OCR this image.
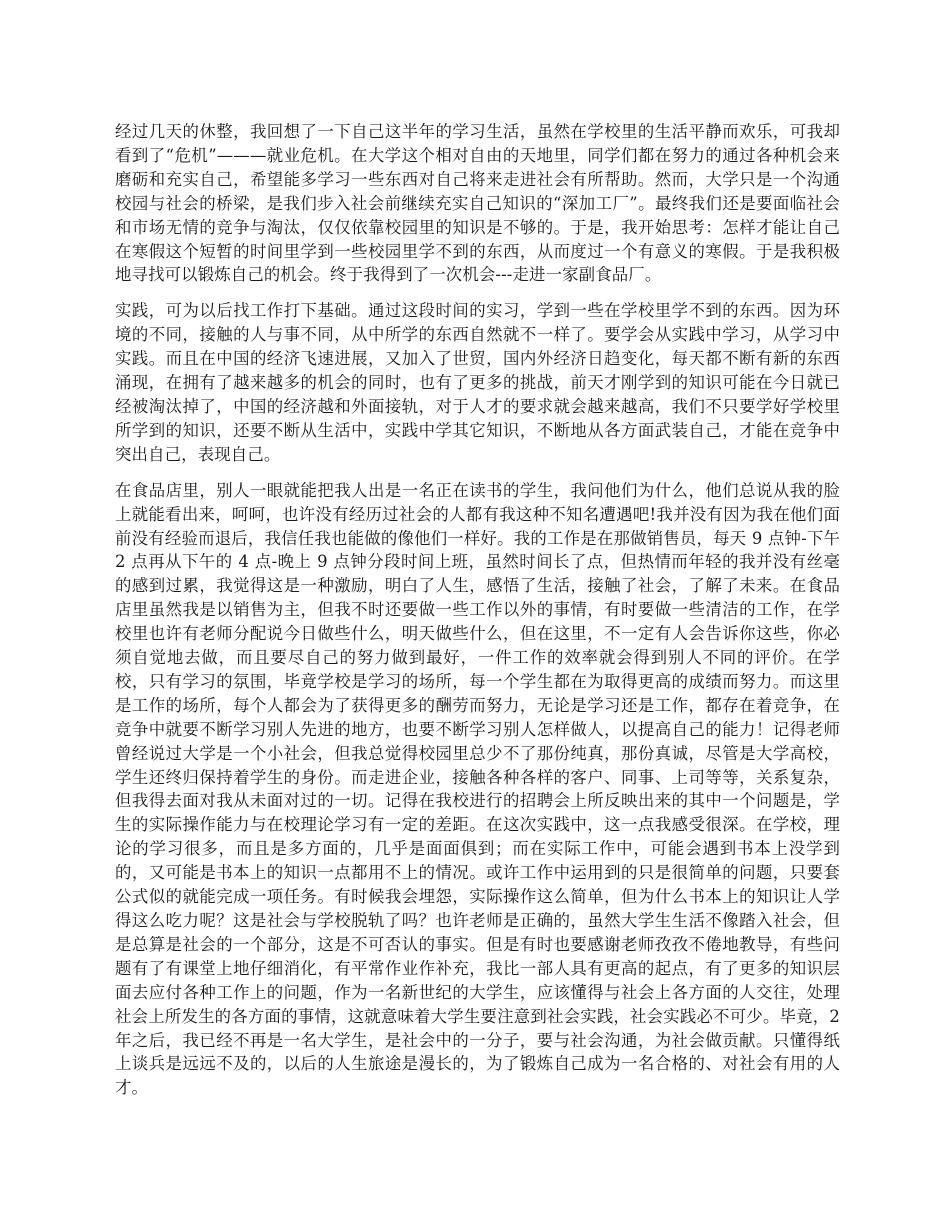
经过几天的休整，我回想了一下自己这半年的学习生活，虽然在学校里的生活平静而欢乐，可我却看到了“危机”———就业危机。在大学这个相对自由的天地里，同学们都在努力的通过各种机会来磨砺和充实自己，希望能多学习一些东西对自己将来走进社会有所帮助。然而，大学只是一个沟通校园与社会的桥梁，是我们步入社会前继续充实自己知识的“深加工厂”。最终我们还是要面临社会和市场无情的竞争与淘汰，仅仅依靠校园里的知识是不够的。于是，我开始思考：怎样才能让自己在寒假这个短暂的时间里学到一些校园里学不到的东西，从而度过一个有意义的寒假。于是我积极地寻找可以锻炼自己的机会。终于我得到了一次机会---走进一家副食品厂。

实践，可为以后找工作打下基础。通过这段时间的实习，学到一些在学校里学不到的东西。因为环境的不同，接触的人与事不同，从中所学的东西自然就不一样了。要学会从实践中学习，从学习中实践。而且在中国的经济飞速进展，又加入了世贸，国内外经济日趋变化，每天都不断有新的东西涌现，在拥有了越来越多的机会的同时，也有了更多的挑战，前天才刚学到的知识可能在今日就已经被淘汰掉了，中国的经济越和外面接轨，对于人才的要求就会越来越高，我们不只要学好学校里所学到的知识，还要不断从生活中，实践中学其它知识，不断地从各方面武装自己，才能在竞争中突出自己，表现自己。

在食品店里，别人一眼就能把我人出是一名正在读书的学生，我问他们为什么，他们总说从我的脸上就能看出来，呵呵，也许没有经历过社会的人都有我这种不知名遭遇吧!我并没有因为我在他们面前没有经验而退后，我信任我也能做的像他们一样好。我的工作是在那做销售员，每天 9 点钟-下午 2 点再从下午的 4 点-晚上 9 点钟分段时间上班，虽然时间长了点，但热情而年轻的我并没有丝毫的感到过累，我觉得这是一种激励，明白了人生，感悟了生活，接触了社会，了解了未来。在食品店里虽然我是以销售为主，但我不时还要做一些工作以外的事情，有时要做一些清洁的工作，在学校里也许有老师分配说今日做些什么，明天做些什么，但在这里，不一定有人会告诉你这些，你必须自觉地去做，而且要尽自己的努力做到最好，一件工作的效率就会得到别人不同的评价。在学校，只有学习的氛围，毕竟学校是学习的场所，每一个学生都在为取得更高的成绩而努力。而这里是工作的场所，每个人都会为了获得更多的酬劳而努力，无论是学习还是工作，都存在着竞争，在竞争中就要不断学习别人先进的地方，也要不断学习别人怎样做人，以提高自己的能力！记得老师曾经说过大学是一个小社会，但我总觉得校园里总少不了那份纯真，那份真诚，尽管是大学高校，学生还终归保持着学生的身份。而走进企业，接触各种各样的客户、同事、上司等等，关系复杂，但我得去面对我从未面对过的一切。记得在我校进行的招聘会上所反映出来的其中一个问题是，学生的实际操作能力与在校理论学习有一定的差距。在这次实践中，这一点我感受很深。在学校，理论的学习很多，而且是多方面的，几乎是面面俱到；而在实际工作中，可能会遇到书本上没学到的，又可能是书本上的知识一点都用不上的情况。或许工作中运用到的只是很简单的问题，只要套公式似的就能完成一项任务。有时候我会埋怨，实际操作这么简单，但为什么书本上的知识让人学得这么吃力呢？这是社会与学校脱轨了吗？也许老师是正确的，虽然大学生生活不像踏入社会，但是总算是社会的一个部分，这是不可否认的事实。但是有时也要感谢老师孜孜不倦地教导，有些问题有了有课堂上地仔细消化，有平常作业作补充，我比一部人具有更高的起点，有了更多的知识层面去应付各种工作上的问题，作为一名新世纪的大学生，应该懂得与社会上各方面的人交往，处理社会上所发生的各方面的事情，这就意味着大学生要注意到社会实践，社会实践必不可少。毕竟，2 年之后，我已经不再是一名大学生，是社会中的一分子，要与社会沟通，为社会做贡献。只懂得纸上谈兵是远远不及的，以后的人生旅途是漫长的，为了锻炼自己成为一名合格的、对社会有用的人才。
